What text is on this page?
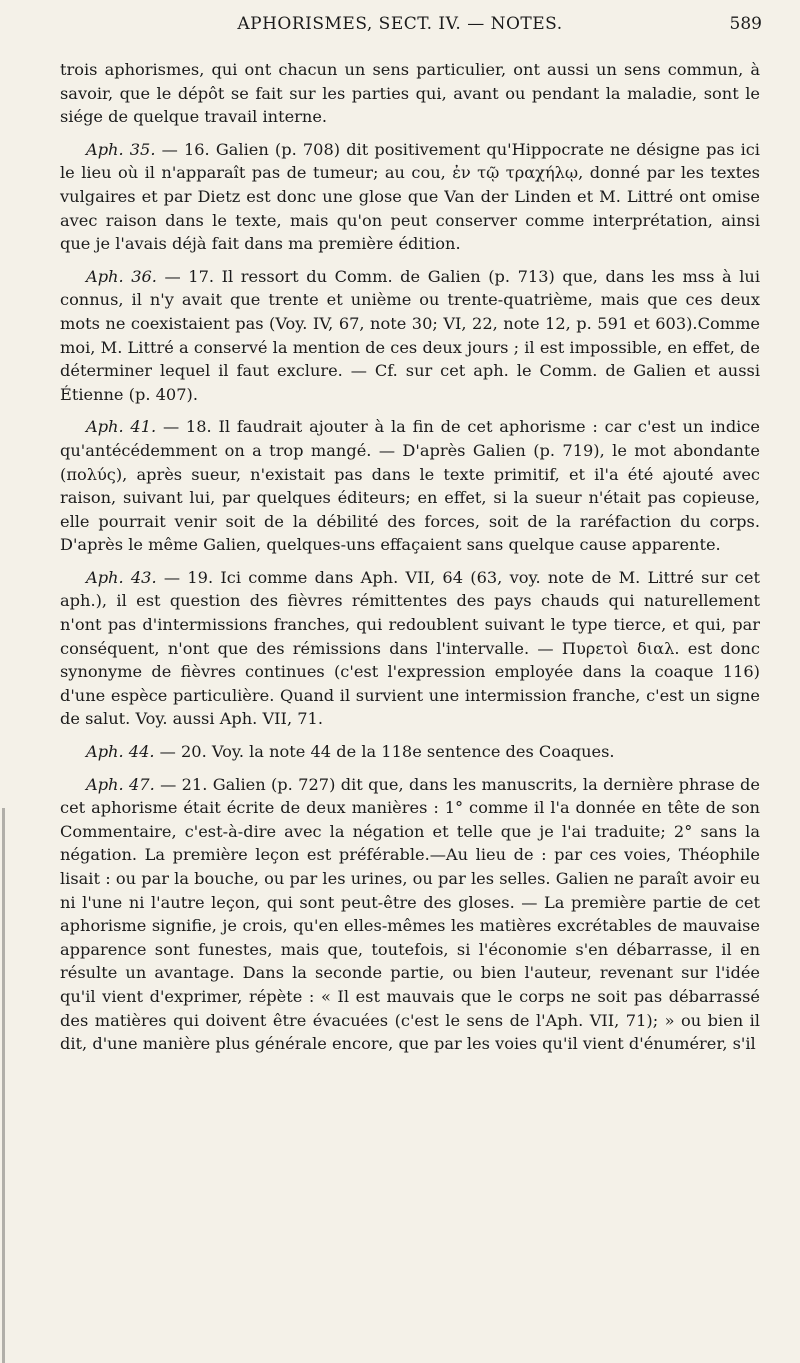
APHORISMES, SECT. IV. — NOTES.	589

trois aphorismes, qui ont chacun un sens particulier, ont aussi un sens commun, à savoir, que le dépôt se fait sur les parties qui, avant ou pendant la maladie, sont le siége de quelque travail interne.

Aph. 35. — 16. Galien (p. 708) dit positivement qu'Hippocrate ne désigne pas ici le lieu où il n'apparaît pas de tumeur; au cou, ἐν τῷ τραχήλῳ, donné par les textes vulgaires et par Dietz est donc une glose que Van der Linden et M. Littré ont omise avec raison dans le texte, mais qu'on peut conserver comme interprétation, ainsi que je l'avais déjà fait dans ma première édition.

Aph. 36. — 17. Il ressort du Comm. de Galien (p. 713) que, dans les mss à lui connus, il n'y avait que trente et unième ou trente-quatrième, mais que ces deux mots ne coexistaient pas (Voy. IV, 67, note 30; VI, 22, note 12, p. 591 et 603).Comme moi, M. Littré a conservé la mention de ces deux jours ; il est impossible, en effet, de déterminer lequel il faut exclure. — Cf. sur cet aph. le Comm. de Galien et aussi Étienne (p. 407).

Aph. 41. — 18. Il faudrait ajouter à la fin de cet aphorisme : car c'est un indice qu'antécédemment on a trop mangé. — D'après Galien (p. 719), le mot abondante (πολύς), après sueur, n'existait pas dans le texte primitif, et il'a été ajouté avec raison, suivant lui, par quelques éditeurs; en effet, si la sueur n'était pas copieuse, elle pourrait venir soit de la débilité des forces, soit de la raréfaction du corps. D'après le même Galien, quelques-uns effaçaient sans quelque cause apparente.

Aph. 43. — 19. Ici comme dans Aph. VII, 64 (63, voy. note de M. Littré sur cet aph.), il est question des fièvres rémittentes des pays chauds qui naturellement n'ont pas d'intermissions franches, qui redoublent suivant le type tierce, et qui, par conséquent, n'ont que des rémissions dans l'intervalle. — Πυρετοὶ διαλ. est donc synonyme de fièvres continues (c'est l'expression employée dans la coaque 116) d'une espèce particulière. Quand il survient une intermission franche, c'est un signe de salut. Voy. aussi Aph. VII, 71.

Aph. 44. — 20. Voy. la note 44 de la 118e sentence des Coaques.

Aph. 47. — 21. Galien (p. 727) dit que, dans les manuscrits, la dernière phrase de cet aphorisme était écrite de deux manières : 1° comme il l'a donnée en tête de son Commentaire, c'est-à-dire avec la négation et telle que je l'ai traduite; 2° sans la négation. La première leçon est préférable.—Au lieu de : par ces voies, Théophile lisait : ou par la bouche, ou par les urines, ou par les selles. Galien ne paraît avoir eu ni l'une ni l'autre leçon, qui sont peut-être des gloses. — La première partie de cet aphorisme signifie, je crois, qu'en elles-mêmes les matières excrétables de mauvaise apparence sont funestes, mais que, toutefois, si l'économie s'en débarrasse, il en résulte un avantage. Dans la seconde partie, ou bien l'auteur, revenant sur l'idée qu'il vient d'exprimer, répète : « Il est mauvais que le corps ne soit pas débarrassé des matières qui doivent être évacuées (c'est le sens de l'Aph. VII, 71); » ou bien il dit, d'une manière plus générale encore, que par les voies qu'il vient d'énumérer, s'il
